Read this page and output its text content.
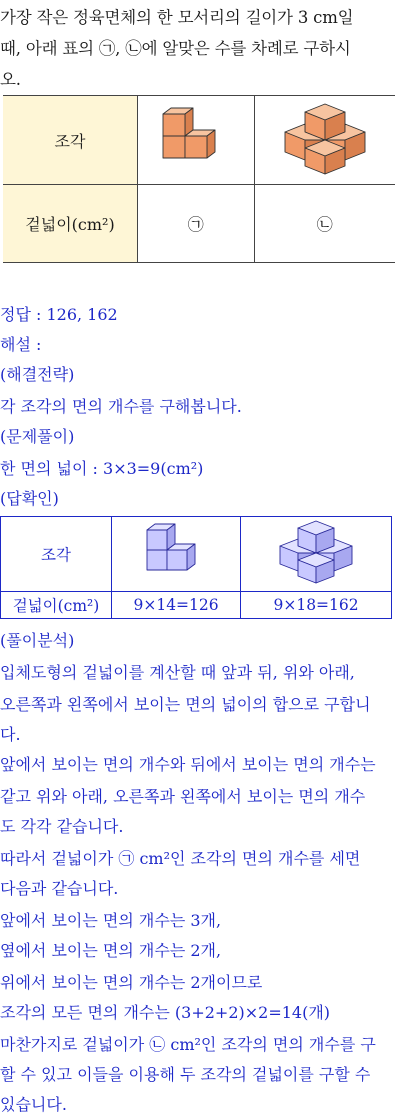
가장 작은 정육면체의 한 모서리의 길이가 3 cm일
때, 아래 표의 ㉠, ㉡에 알맞은 수를 차례로 구하시
오.
조각		
겉넓이(cm²)	㉠	㉡
정답 : 126, 162
해설 :
(해결전략)
각 조각의 면의 개수를 구해봅니다.
(문제풀이)
한 면의 넓이 : 3×3=9(cm²)
(답확인)
조각		
겉넓이(cm²)	9×14=126	9×18=162
(풀이분석)
입체도형의 겉넓이를 계산할 때 앞과 뒤, 위와 아래,
오른쪽과 왼쪽에서 보이는 면의 넓이의 합으로 구합니
다.
앞에서 보이는 면의 개수와 뒤에서 보이는 면의 개수는
같고 위와 아래, 오른쪽과 왼쪽에서 보이는 면의 개수
도 각각 같습니다.
따라서 겉넓이가 ㉠ cm²인 조각의 면의 개수를 세면
다음과 같습니다.
앞에서 보이는 면의 개수는 3개,
옆에서 보이는 면의 개수는 2개,
위에서 보이는 면의 개수는 2개이므로
조각의 모든 면의 개수는 (3+2+2)×2=14(개)
마찬가지로 겉넓이가 ㉡ cm²인 조각의 면의 개수를 구
할 수 있고 이들을 이용해 두 조각의 겉넓이를 구할 수
있습니다.
